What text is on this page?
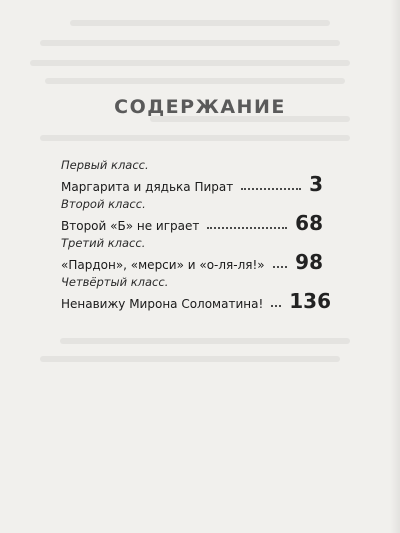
СОДЕРЖАНИЕ
Первый класс.
Маргарита и дядька Пират	3
Второй класс.
Второй «Б» не играет	68
Третий класс.
«Пардон», «мерси» и «о-ля-ля!» 98
Четвёртый класс.
Ненавижу Мирона Соломатина! 136
